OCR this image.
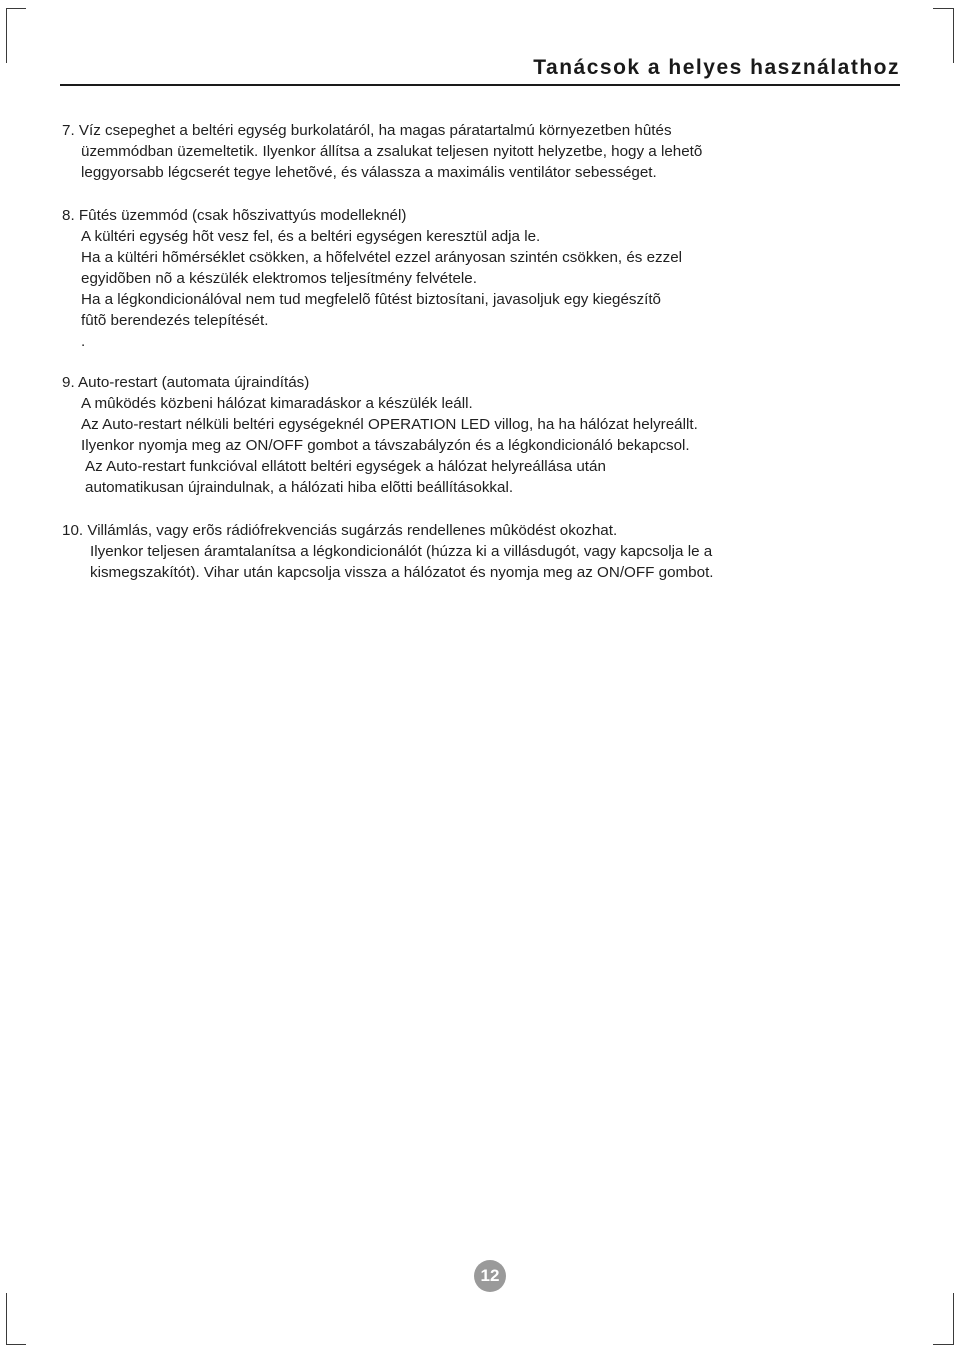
Tanácsok a helyes használathoz
7. Víz csepeghet a beltéri egység burkolatáról, ha magas páratartalmú környezetben hûtés
üzemmódban üzemeltetik. Ilyenkor állítsa a zsalukat teljesen nyitott helyzetbe, hogy a lehetõ
leggyorsabb légcserét tegye lehetõvé, és válassza a maximális ventilátor sebességet.
8. Fûtés üzemmód (csak hõszivattyús modelleknél)
A kültéri egység hõt vesz fel, és a beltéri egységen keresztül adja le.
Ha a kültéri hõmérséklet csökken, a hõfelvétel ezzel arányosan szintén csökken, és ezzel
egyidõben nõ a készülék elektromos teljesítmény felvétele.
Ha a légkondicionálóval nem tud megfelelõ fûtést biztosítani, javasoljuk egy kiegészítõ
fûtõ berendezés telepítését.
.
9. Auto-restart (automata újraindítás)
A mûködés közbeni hálózat kimaradáskor a készülék leáll.
Az Auto-restart nélküli beltéri egységeknél OPERATION LED villog, ha ha hálózat helyreállt.
Ilyenkor nyomja meg az ON/OFF gombot a távszabályzón és a légkondicionáló bekapcsol.
Az Auto-restart funkcióval ellátott beltéri egységek a hálózat helyreállása után
automatikusan újraindulnak, a hálózati hiba elõtti beállításokkal.
10. Villámlás, vagy erõs rádiófrekvenciás sugárzás rendellenes mûködést okozhat.
Ilyenkor teljesen áramtalanítsa a légkondicionálót (húzza ki a villásdugót, vagy kapcsolja le a
kismegszakítót). Vihar után kapcsolja vissza a hálózatot és nyomja meg az ON/OFF gombot.
12
